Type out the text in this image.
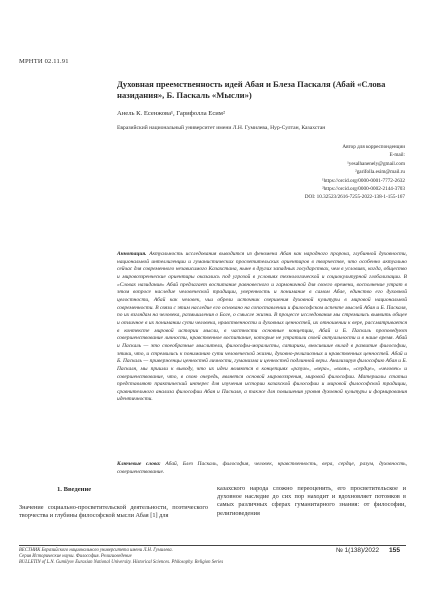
МРНТИ 02.11.91
Духовная преемственность идей Абая и Блеза Паскаля (Абай «Слова назидания», Б. Паскаль «Мысли»)
Анель К. Есенжова¹, Гарифолла Есим²
Евразийский национальный университет имени Л.Н. Гумилева, Нур-Султан, Казахстан
Автор для корреспонденции
E-mail:
¹yesalhanenely@gmail.com
²garifolla.esim@mail.ru
¹https://orcid.org/0000-0001-7772-2632
²https://orcid.org/0000-0002-2144-3703
DOI: 10.32523/2616-7255-2022-138-1-155-167
Аннотация. Актуальность исследования выводится из феномена Абая как народного пророка, глубинной духовности, национальной интеллигенции и гуманистических просветительских ориентиров в творчестве, что особенно актуально сейчас для современного независимого Казахстана, ныне в других западных государствах, чем в условиях, когда, общество и мировоззренческие ориентиры оказались под угрозой в условиях технологической и социокультурной глобализации. В «Словах назидания» Абай предлагает воспитание равновесного и гармоничной для своего времени, восполнение утрат в этом вопросе наследие человеческой традиции, уверенность и понимание в самом Абае, единство его духовной целостности, Абай как человек, чьи обрели источник свершения духовной культуры в мировой национальной современности. В связи с этим наследие его основано на сопоставлении и философском аспекте мыслей Абая и Б. Паскаля, по их взглядам на человека, размышления о Боге, о смысле жизни. В процессе исследования мы стремились выявить общее и отличное в их понимании сути человека, нравственности и духовных ценностей, их отношении к вере, рассматривается в контексте мировой истории мысли, в частности основные концепции, Абай и Б. Паскаль проповедуют совершенствование личности, нравственное воспитание, которые не утратили своей актуальности и в наше время. Абай и Паскаль — это своеобразные мыслители, философы-моралисты, сатирики, вносившие вклад в развитие философии, этики, что, и стремились к пониманию сути человеческой жизни, духовно-религиозных и нравственных ценностей. Абай и Б. Паскаль — приверженцы ценностей личности, гуманизма и ценностей подлинной веры. Анализируя философию Абая и Б. Паскаля, мы пришли к выводу, что их идеи являются в концепциях «разум», «вера», «воля», «сердце», «человек» и совершенствование, что, в свою очередь, является основой мировоззрения, мировой философии. Материалы статьи представляют практический интерес для изучения истории казахской философии и мировой философской традиции, сравнительного анализа философии Абая и Паскаля, а также для повышения уровня духовной культуры и формирования идентичности.
Ключевые слова: Абай, Блез Паскаль, философия, человек, нравственность, вера, сердце, разум, духовность, совершенствование.
1. Введение
Значение социально-просветительской деятельности, поэтического творчества и глубины философской мысли Абая [1] для
казахского народа сложно переоценить, его просветительское и духовное наследие до сих пор находит и вдохновляет потомков в самых различных сферах гуманитарного знания: от философии, религиоведения
ВЕСТНИК Евразийского национального университета имени Л.Н. Гумилева.
Серия Исторические науки. Философия. Религиоведение
BULLETIN of L.N. Gumilyov Eurasian National University. Historical Sciences. Philosophy. Religion Series
№ 1(138)/2022 155
